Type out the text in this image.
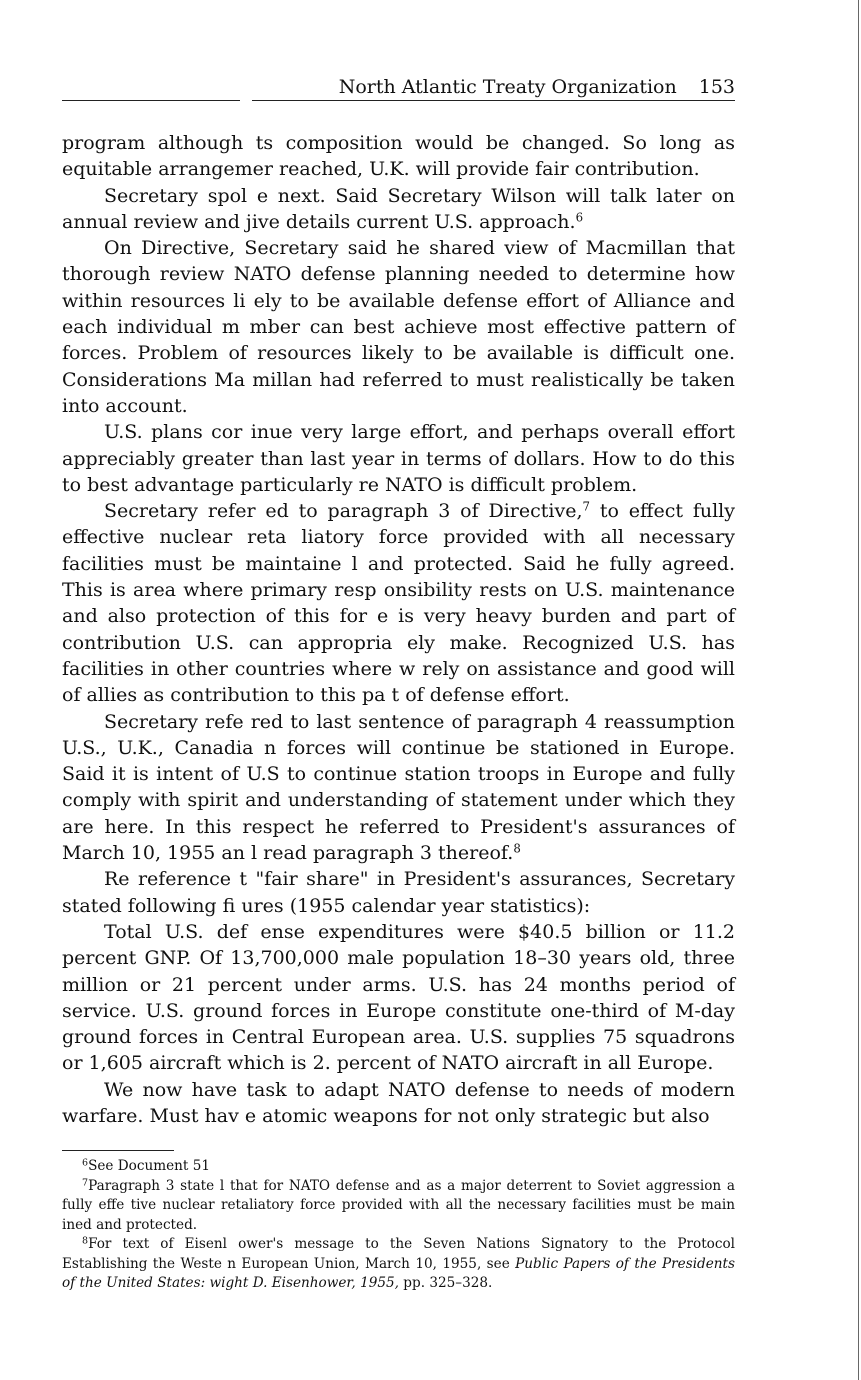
North Atlantic Treaty Organization 153

program although ts composition would be changed. So long as equitable arrangemer reached, U.K. will provide fair contribution.

Secretary spol e next. Said Secretary Wilson will talk later on annual review and jive details current U.S. approach.$^6$

On Directive, Secretary said he shared view of Macmillan that thorough review NATO defense planning needed to determine how within resources li ely to be available defense effort of Alliance and each individual m mber can best achieve most effective pattern of forces. Problem of resources likely to be available is difficult one. Considerations Ma millan had referred to must realistically be taken into account.

U.S. plans cor inue very large effort, and perhaps overall effort appreciably greater than last year in terms of dollars. How to do this to best advantage particularly re NATO is difficult problem.

Secretary refer ed to paragraph 3 of Directive,$^7$ to effect fully effective nuclear reta liatory force provided with all necessary facilities must be maintaine l and protected. Said he fully agreed. This is area where primary resp onsibility rests on U.S. maintenance and also protection of this for e is very heavy burden and part of contribution U.S. can appropria ely make. Recognized U.S. has facilities in other countries where w rely on assistance and good will of allies as contribution to this pa t of defense effort.

Secretary refe red to last sentence of paragraph 4 reassumption U.S., U.K., Canadia n forces will continue be stationed in Europe. Said it is intent of U.S to continue station troops in Europe and fully comply with spirit and understanding of statement under which they are here. In this respect he referred to President's assurances of March 10, 1955 an l read paragraph 3 thereof.$^8$

Re reference t "fair share" in President's assurances, Secretary stated following fi ures (1955 calendar year statistics):

Total U.S. def ense expenditures were $40.5 billion or 11.2 percent GNP. Of 13,700,000 male population 18–30 years old, three million or 21 percent under arms. U.S. has 24 months period of service. U.S. ground forces in Europe constitute one-third of M-day ground forces in Central European area. U.S. supplies 75 squadrons or 1,605 aircraft which is 2. percent of NATO aircraft in all Europe.

We now have task to adapt NATO defense to needs of modern warfare. Must hav e atomic weapons for not only strategic but also

$^6$See Document 51

$^7$Paragraph 3 state l that for NATO defense and as a major deterrent to Soviet aggression a fully effe tive nuclear retaliatory force provided with all the necessary facilities must be main ined and protected.

$^8$For text of Eisenl ower's message to the Seven Nations Signatory to the Protocol Establishing the Weste n European Union, March 10, 1955, see Public Papers of the Presidents of the United States: wight D. Eisenhower, 1955, pp. 325–328.
